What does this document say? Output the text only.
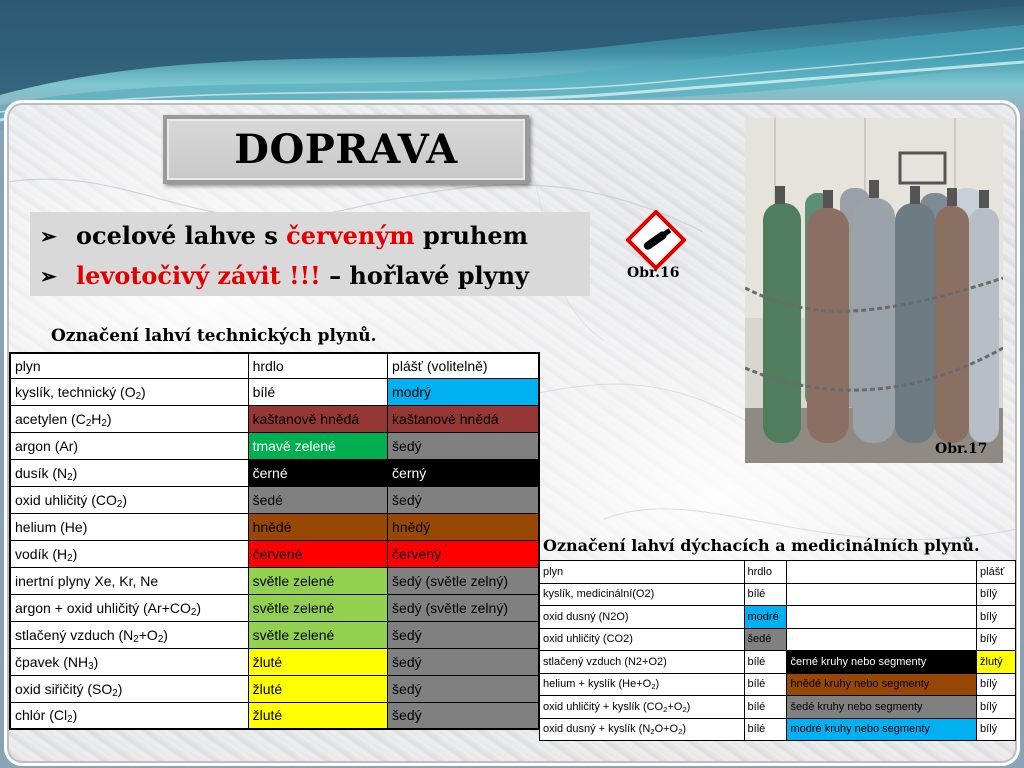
DOPRAVA
➢ ocelové lahve s
červeným
pruhem
➢ levotočivý závit !!!
– hořlavé plyny	Obr.16
Obr.17
Označení lahví technických plynů.
plyn	hrdlo	plášť (volitelně)
kyslík, technický $(O_2)$	bílé	modrý
acetylen $(C_2H_2)$	kaštanově hnědá	kaštanově hnědá
argon (Ar)	tmavě zelené	šedý
dusík $(N_2)$	černé	černý
oxid uhličitý $(CO_2)$	šedé	šedý
helium (He)	hnědé	hnědý
vodík $(H_2)$	červené	červený
inertní plyny Xe, Kr, Ne	světle zelené	šedý (světle zelný)
argon + oxid uhličitý $(Ar+CO_2)$	světle zelené	šedý (světle zelný)
stlačený vzduch $(N_2+O_2)$	světle zelené	šedý
čpavek $(NH_3)$	žluté	šedý
oxid siřičitý $(SO_2)$	žluté	šedý
chlór $(Cl_2)$	žluté	šedý
Označení lahví dýchacích a medicinálních plynů.
plyn	hrdlo		plášť
kyslík, medicinální(O2)	bílé		bílý
oxid dusný (N2O)	modré		bílý
oxid uhličitý (CO2)	šedé		bílý
stlačený vzduch (N2+O2)	bílé	černé kruhy nebo segmenty	žlutý
helium + kyslík $(He+O_2)$	bílé	hnědé kruhy nebo segmenty	bílý
oxid uhličitý + kyslík $(CO_2+O_2)$	bílé	šedé kruhy nebo segmenty	bílý
oxid dusný + kyslík $(N_2O+O_2)$	bílé	modré kruhy nebo segmenty	bílý
